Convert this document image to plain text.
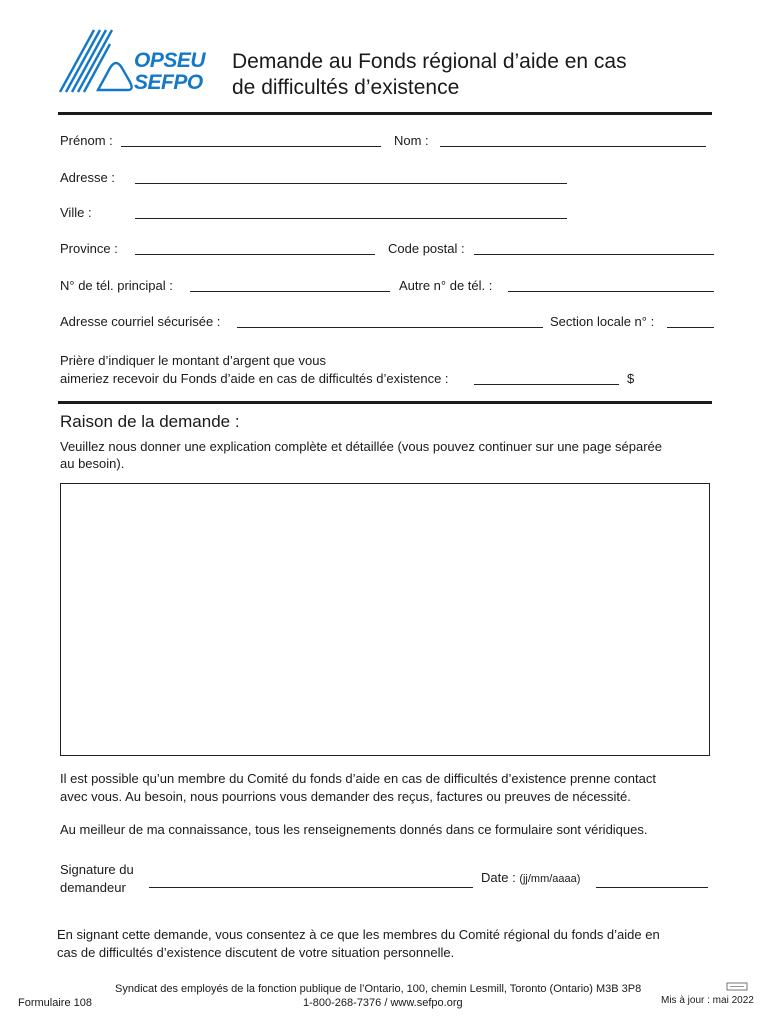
OPSEU
SEFPO
Demande au Fonds régional d’aide en cas
de difficultés d’existence
Prénom :	Nom :
Adresse :
Ville :
Province :	Code postal :
N° de tél. principal :	Autre n° de tél. :
Adresse courriel sécurisée :	Section locale n° :
Prière d’indiquer le montant d’argent que vous
aimeriez recevoir du Fonds d’aide en cas de difficultés d’existence :	$
Raison de la demande :
Veuillez nous donner une explication complète et détaillée (vous pouvez continuer sur une page séparée
au besoin).
Il est possible qu’un membre du Comité du fonds d’aide en cas de difficultés d’existence prenne contact
avec vous. Au besoin, nous pourrions vous demander des reçus, factures ou preuves de nécessité.
Au meilleur de ma connaissance, tous les renseignements donnés dans ce formulaire sont véridiques.
Signature du
demandeur
Date : (jj/mm/aaaa)
En signant cette demande, vous consentez à ce que les membres du Comité régional du fonds d’aide en
cas de difficultés d’existence discutent de votre situation personnelle.
Formulaire 108
Syndicat des employés de la fonction publique de l’Ontario, 100, chemin Lesmill, Toronto (Ontario) M3B 3P8
1-800-268-7376 / www.sefpo.org	Mis à jour : mai 2022
